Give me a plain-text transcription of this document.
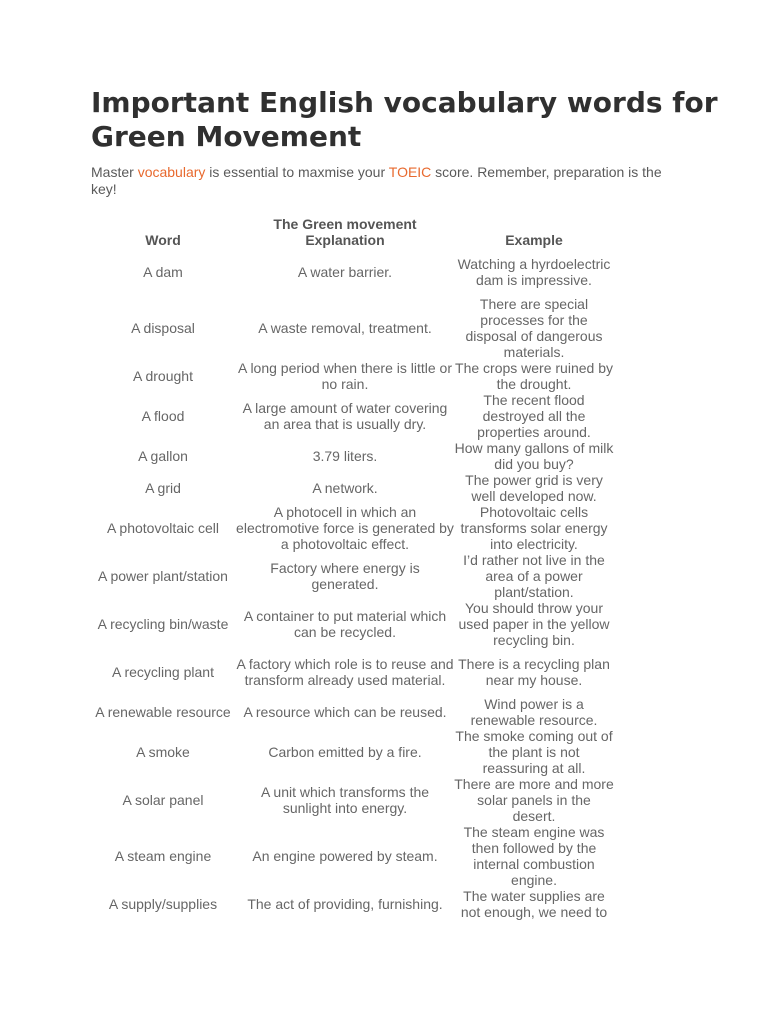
Important English vocabulary words for Green Movement

Master vocabulary is essential to maxmise your TOEIC score. Remember, preparation is the key!

Word	The Green movement Explanation	Example
A dam	A water barrier.	Watching a hyrdoelectric dam is impressive.
A disposal	A waste removal, treatment.	There are special processes for the disposal of dangerous materials.
A drought	A long period when there is little or no rain.	The crops were ruined by the drought.
A flood	A large amount of water covering an area that is usually dry.	The recent flood destroyed all the properties around.
A gallon	3.79 liters.	How many gallons of milk did you buy?
A grid	A network.	The power grid is very well developed now.
A photovoltaic cell	A photocell in which an electromotive force is generated by a photovoltaic effect.	Photovoltaic cells transforms solar energy into electricity.
A power plant/station	Factory where energy is generated.	I’d rather not live in the area of a power plant/station.
A recycling bin/waste	A container to put material which can be recycled.	You should throw your used paper in the yellow recycling bin.
A recycling plant	A factory which role is to reuse and transform already used material.	There is a recycling plan near my house.
A renewable resource	A resource which can be reused.	Wind power is a renewable resource.
A smoke	Carbon emitted by a fire.	The smoke coming out of the plant is not reassuring at all.
A solar panel	A unit which transforms the sunlight into energy.	There are more and more solar panels in the desert.
A steam engine	An engine powered by steam.	The steam engine was then followed by the internal combustion engine.
A supply/supplies	The act of providing, furnishing.	The water supplies are not enough, we need to
